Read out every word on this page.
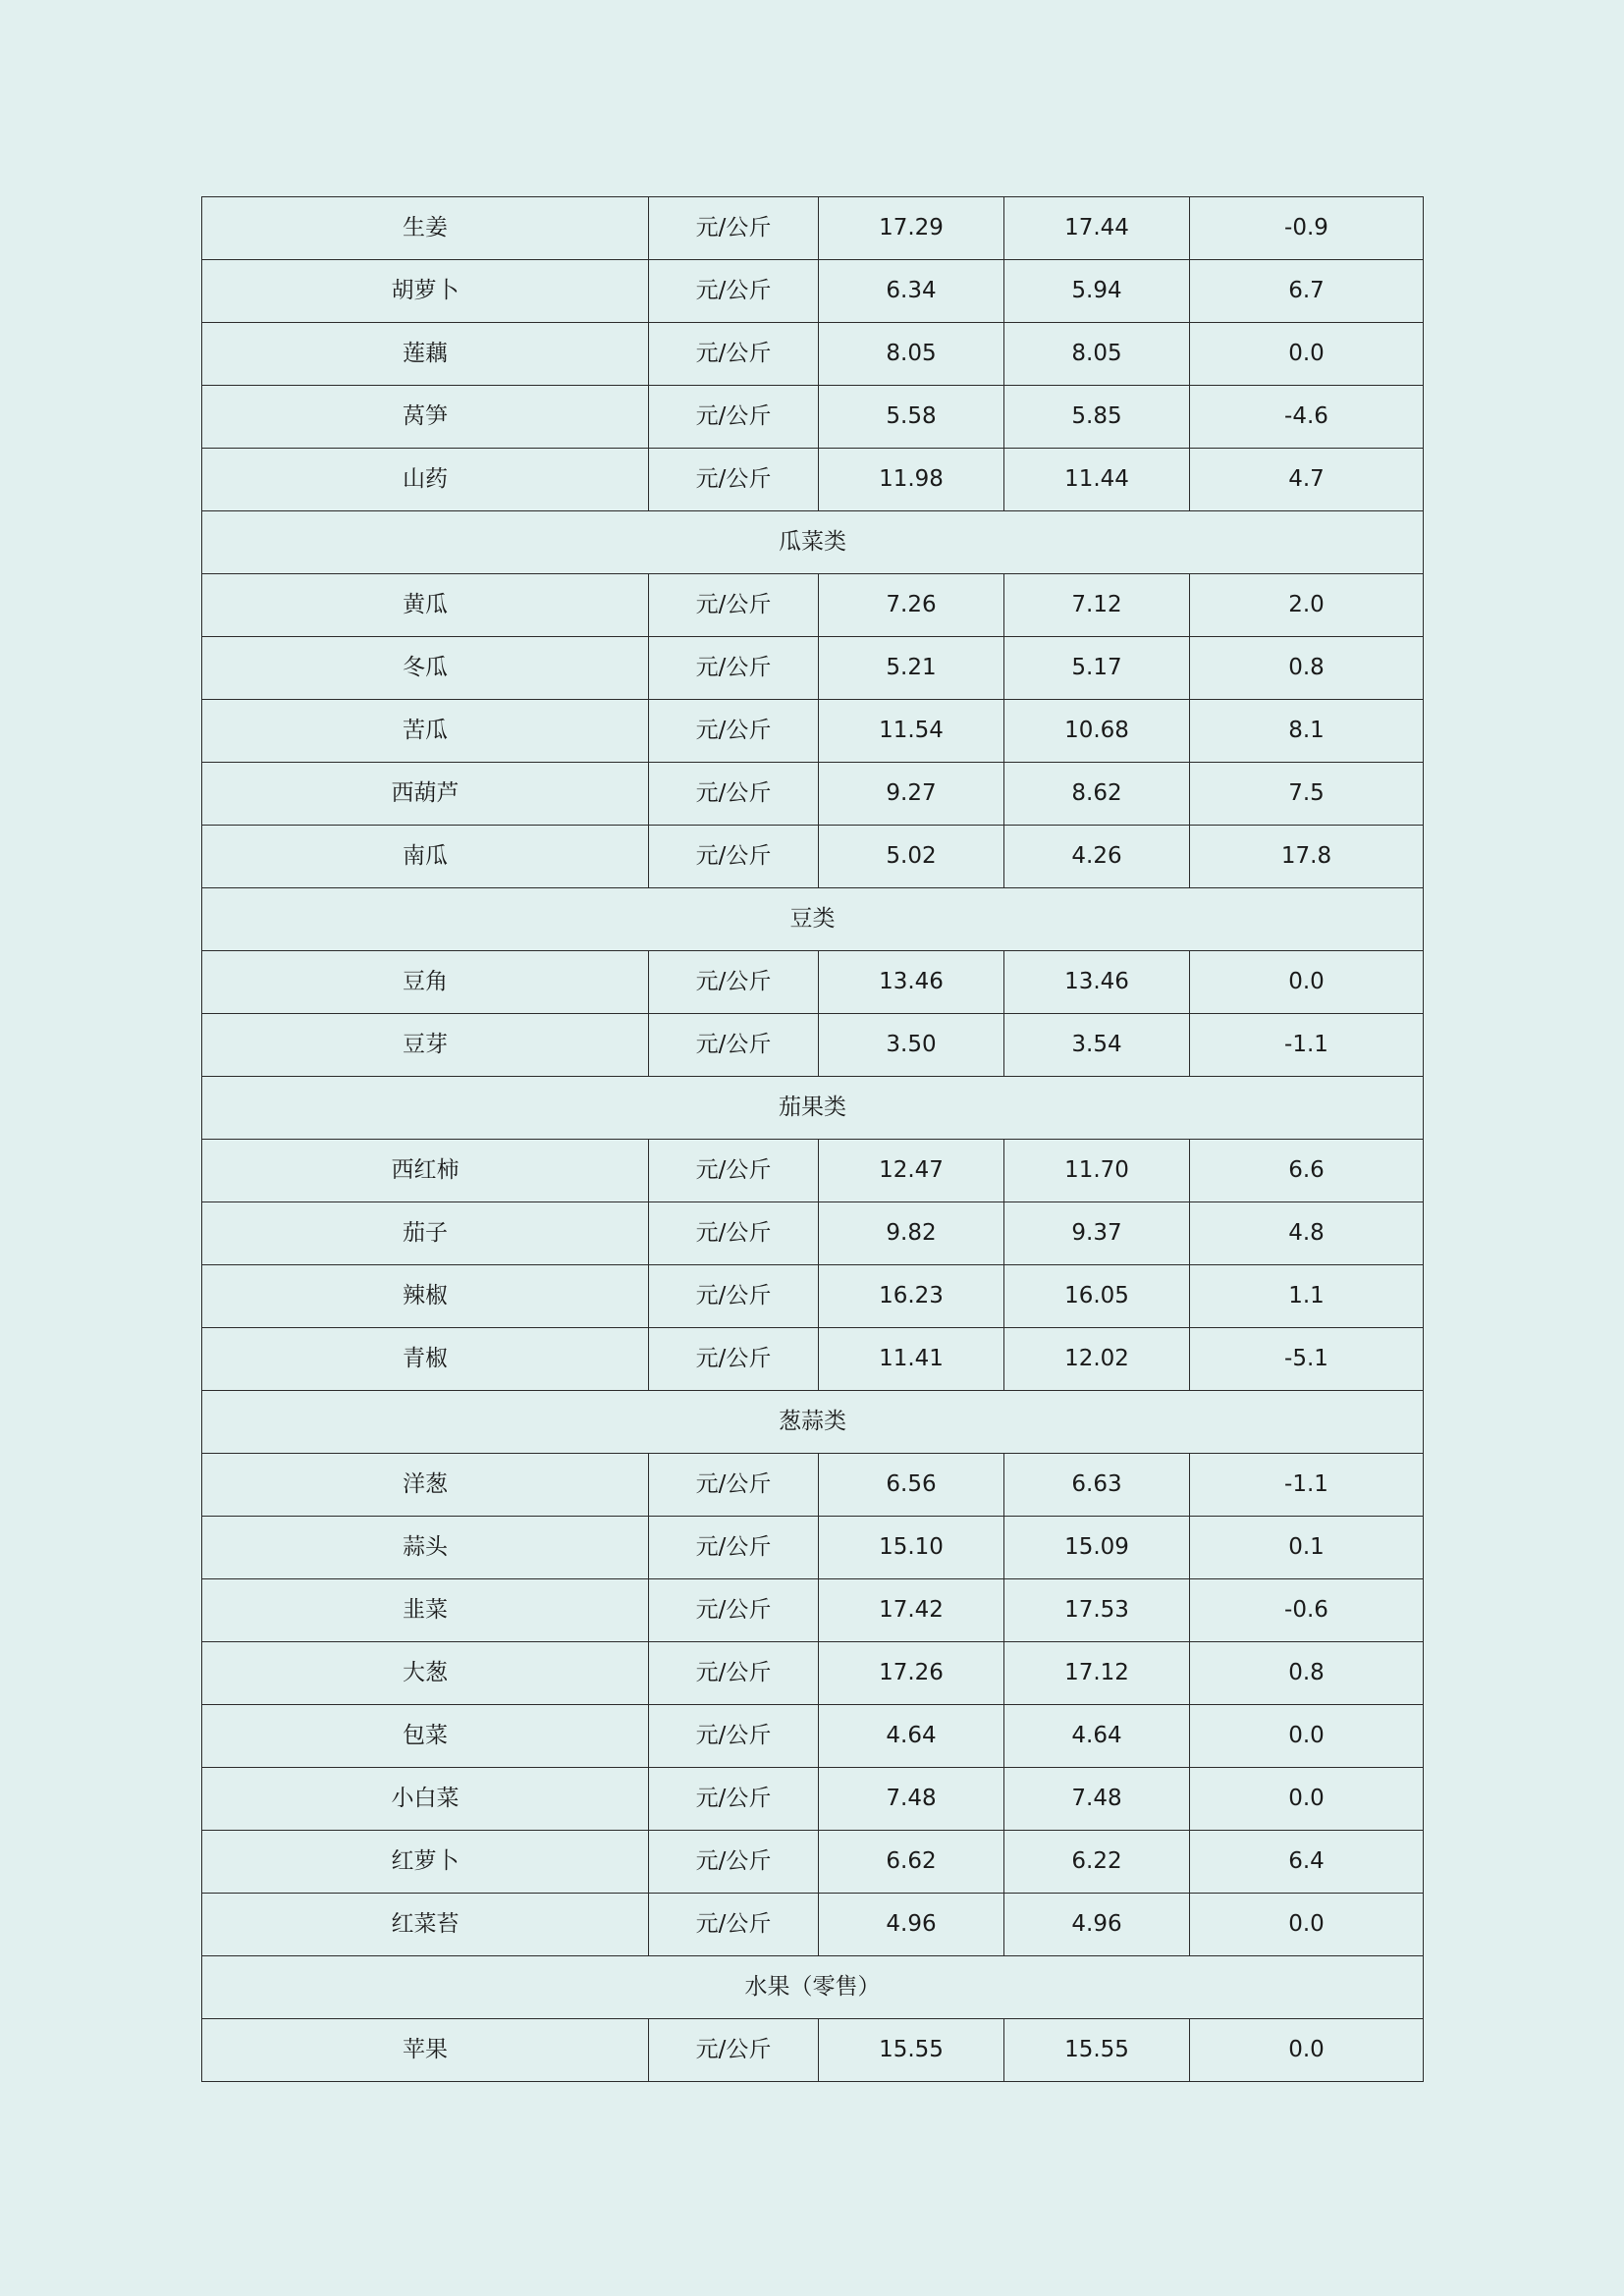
生姜	元/公斤	17.29	17.44	-0.9
胡萝卜	元/公斤	6.34	5.94	6.7
莲藕	元/公斤	8.05	8.05	0.0
莴笋	元/公斤	5.58	5.85	-4.6
山药	元/公斤	11.98	11.44	4.7
瓜菜类				
黄瓜	元/公斤	7.26	7.12	2.0
冬瓜	元/公斤	5.21	5.17	0.8
苦瓜	元/公斤	11.54	10.68	8.1
西葫芦	元/公斤	9.27	8.62	7.5
南瓜	元/公斤	5.02	4.26	17.8
豆类				
豆角	元/公斤	13.46	13.46	0.0
豆芽	元/公斤	3.50	3.54	-1.1
茄果类				
西红柿	元/公斤	12.47	11.70	6.6
茄子	元/公斤	9.82	9.37	4.8
辣椒	元/公斤	16.23	16.05	1.1
青椒	元/公斤	11.41	12.02	-5.1
葱蒜类				
洋葱	元/公斤	6.56	6.63	-1.1
蒜头	元/公斤	15.10	15.09	0.1
韭菜	元/公斤	17.42	17.53	-0.6
大葱	元/公斤	17.26	17.12	0.8
包菜	元/公斤	4.64	4.64	0.0
小白菜	元/公斤	7.48	7.48	0.0
红萝卜	元/公斤	6.62	6.22	6.4
红菜苔	元/公斤	4.96	4.96	0.0
水果（零售）				
苹果	元/公斤	15.55	15.55	0.0
